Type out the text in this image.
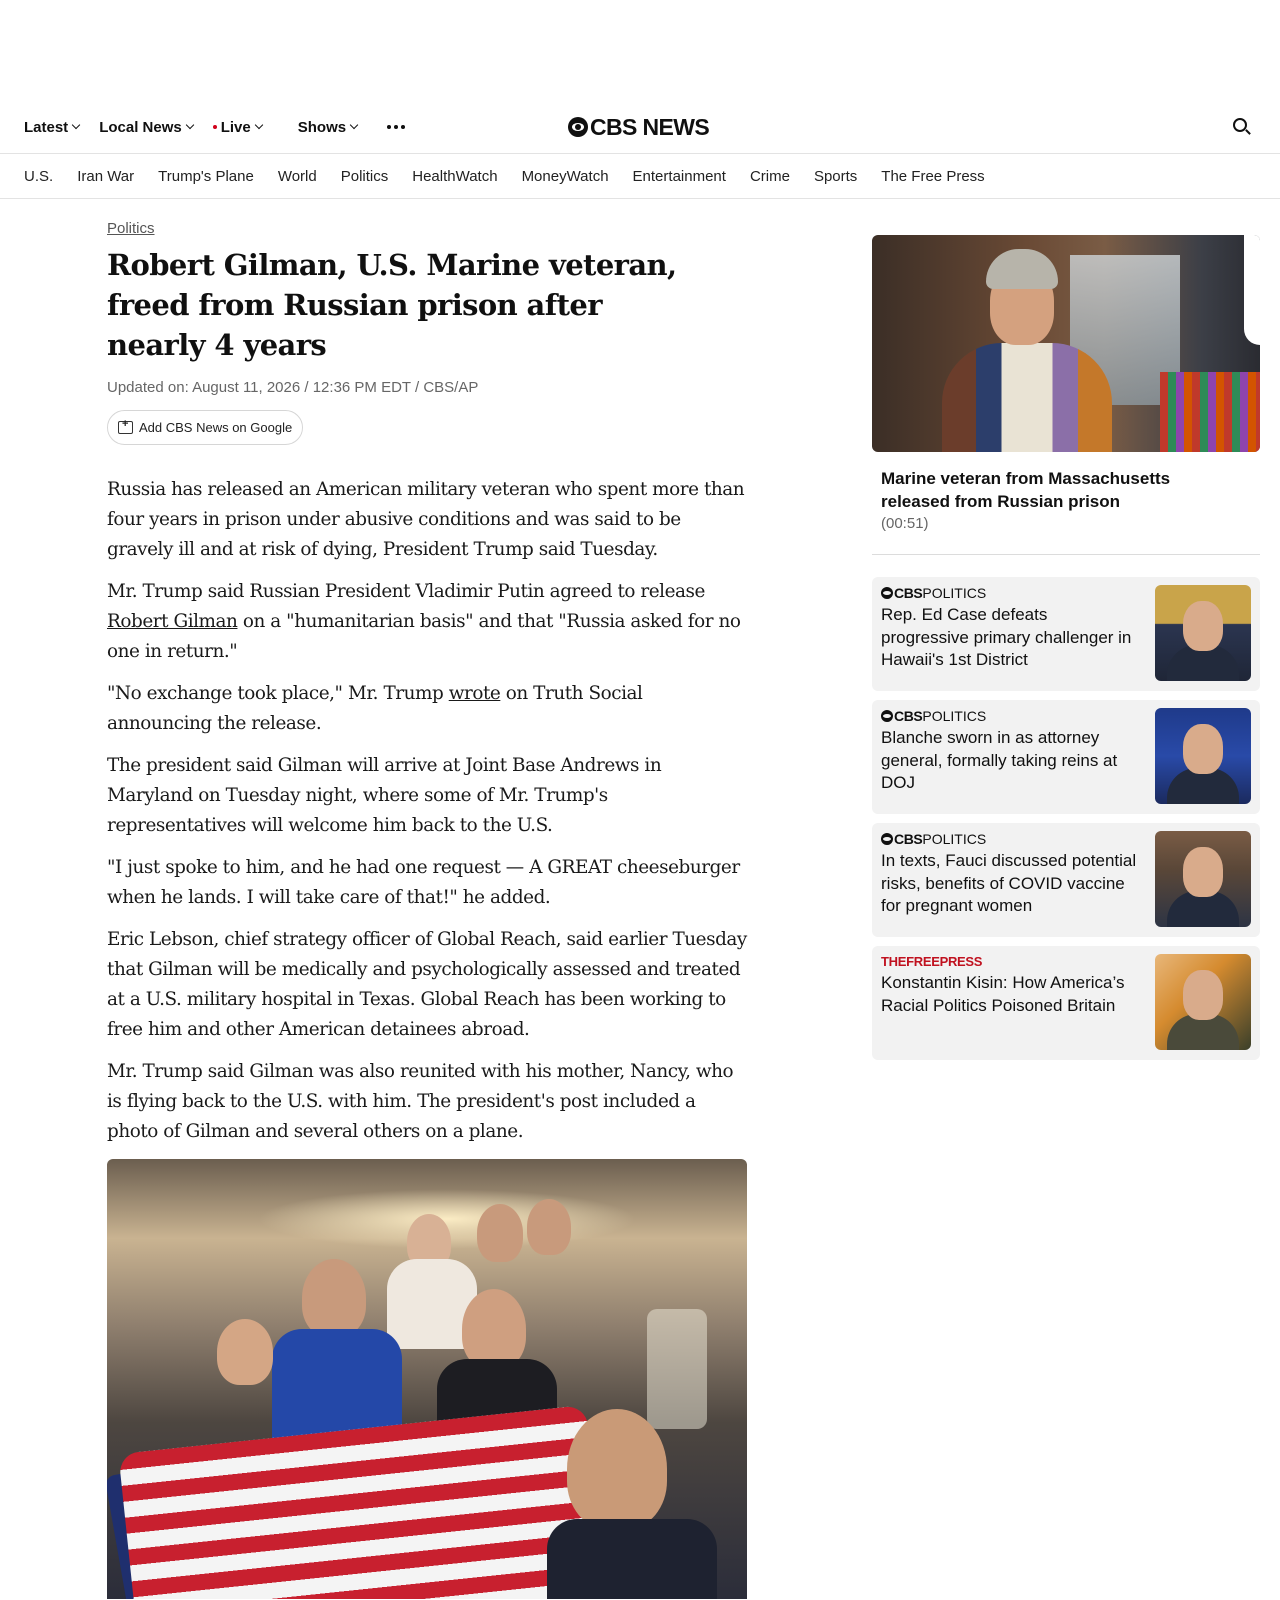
Latest Local News	Live	Shows	CBS NEWS
U.S. Iran War Trump's Plane World Politics HealthWatch MoneyWatch Entertainment Crime Sports The Free Press
Politics
Robert Gilman, U.S. Marine veteran, freed from Russian prison after nearly 4 years
Updated on: August 11, 2026 / 12:36 PM EDT / CBS/AP
+
Add CBS News on Google

Russia has released an American military veteran who spent more than four years in prison under abusive conditions and was said to be gravely ill and at risk of dying, President Trump said Tuesday.

Mr. Trump said Russian President Vladimir Putin agreed to release Robert Gilman on a "humanitarian basis" and that "Russia asked for no one in return."

"No exchange took place," Mr. Trump wrote on Truth Social announcing the release.

The president said Gilman will arrive at Joint Base Andrews in Maryland on Tuesday night, where some of Mr. Trump's representatives will welcome him back to the U.S.

"I just spoke to him, and he had one request — A GREAT cheeseburger when he lands. I will take care of that!" he added.

Eric Lebson, chief strategy officer of Global Reach, said earlier Tuesday that Gilman will be medically and psychologically assessed and treated at a U.S. military hospital in Texas. Global Reach has been working to free him and other American detainees abroad.

Mr. Trump said Gilman was also reunited with his mother, Nancy, who is flying back to the U.S. with him. The president's post included a photo of Gilman and several others on a plane.

Marine veteran from Massachusetts released from Russian prison
(00:51)
CBS POLITICS
Rep. Ed Case defeats progressive primary challenger in Hawaii's 1st District
CBS POLITICS
Blanche sworn in as attorney general, formally taking reins at DOJ
CBS POLITICS
In texts, Fauci discussed potential risks, benefits of COVID vaccine for pregnant women
THEFREEPRESS
Konstantin Kisin: How America’s Racial Politics Poisoned Britain
